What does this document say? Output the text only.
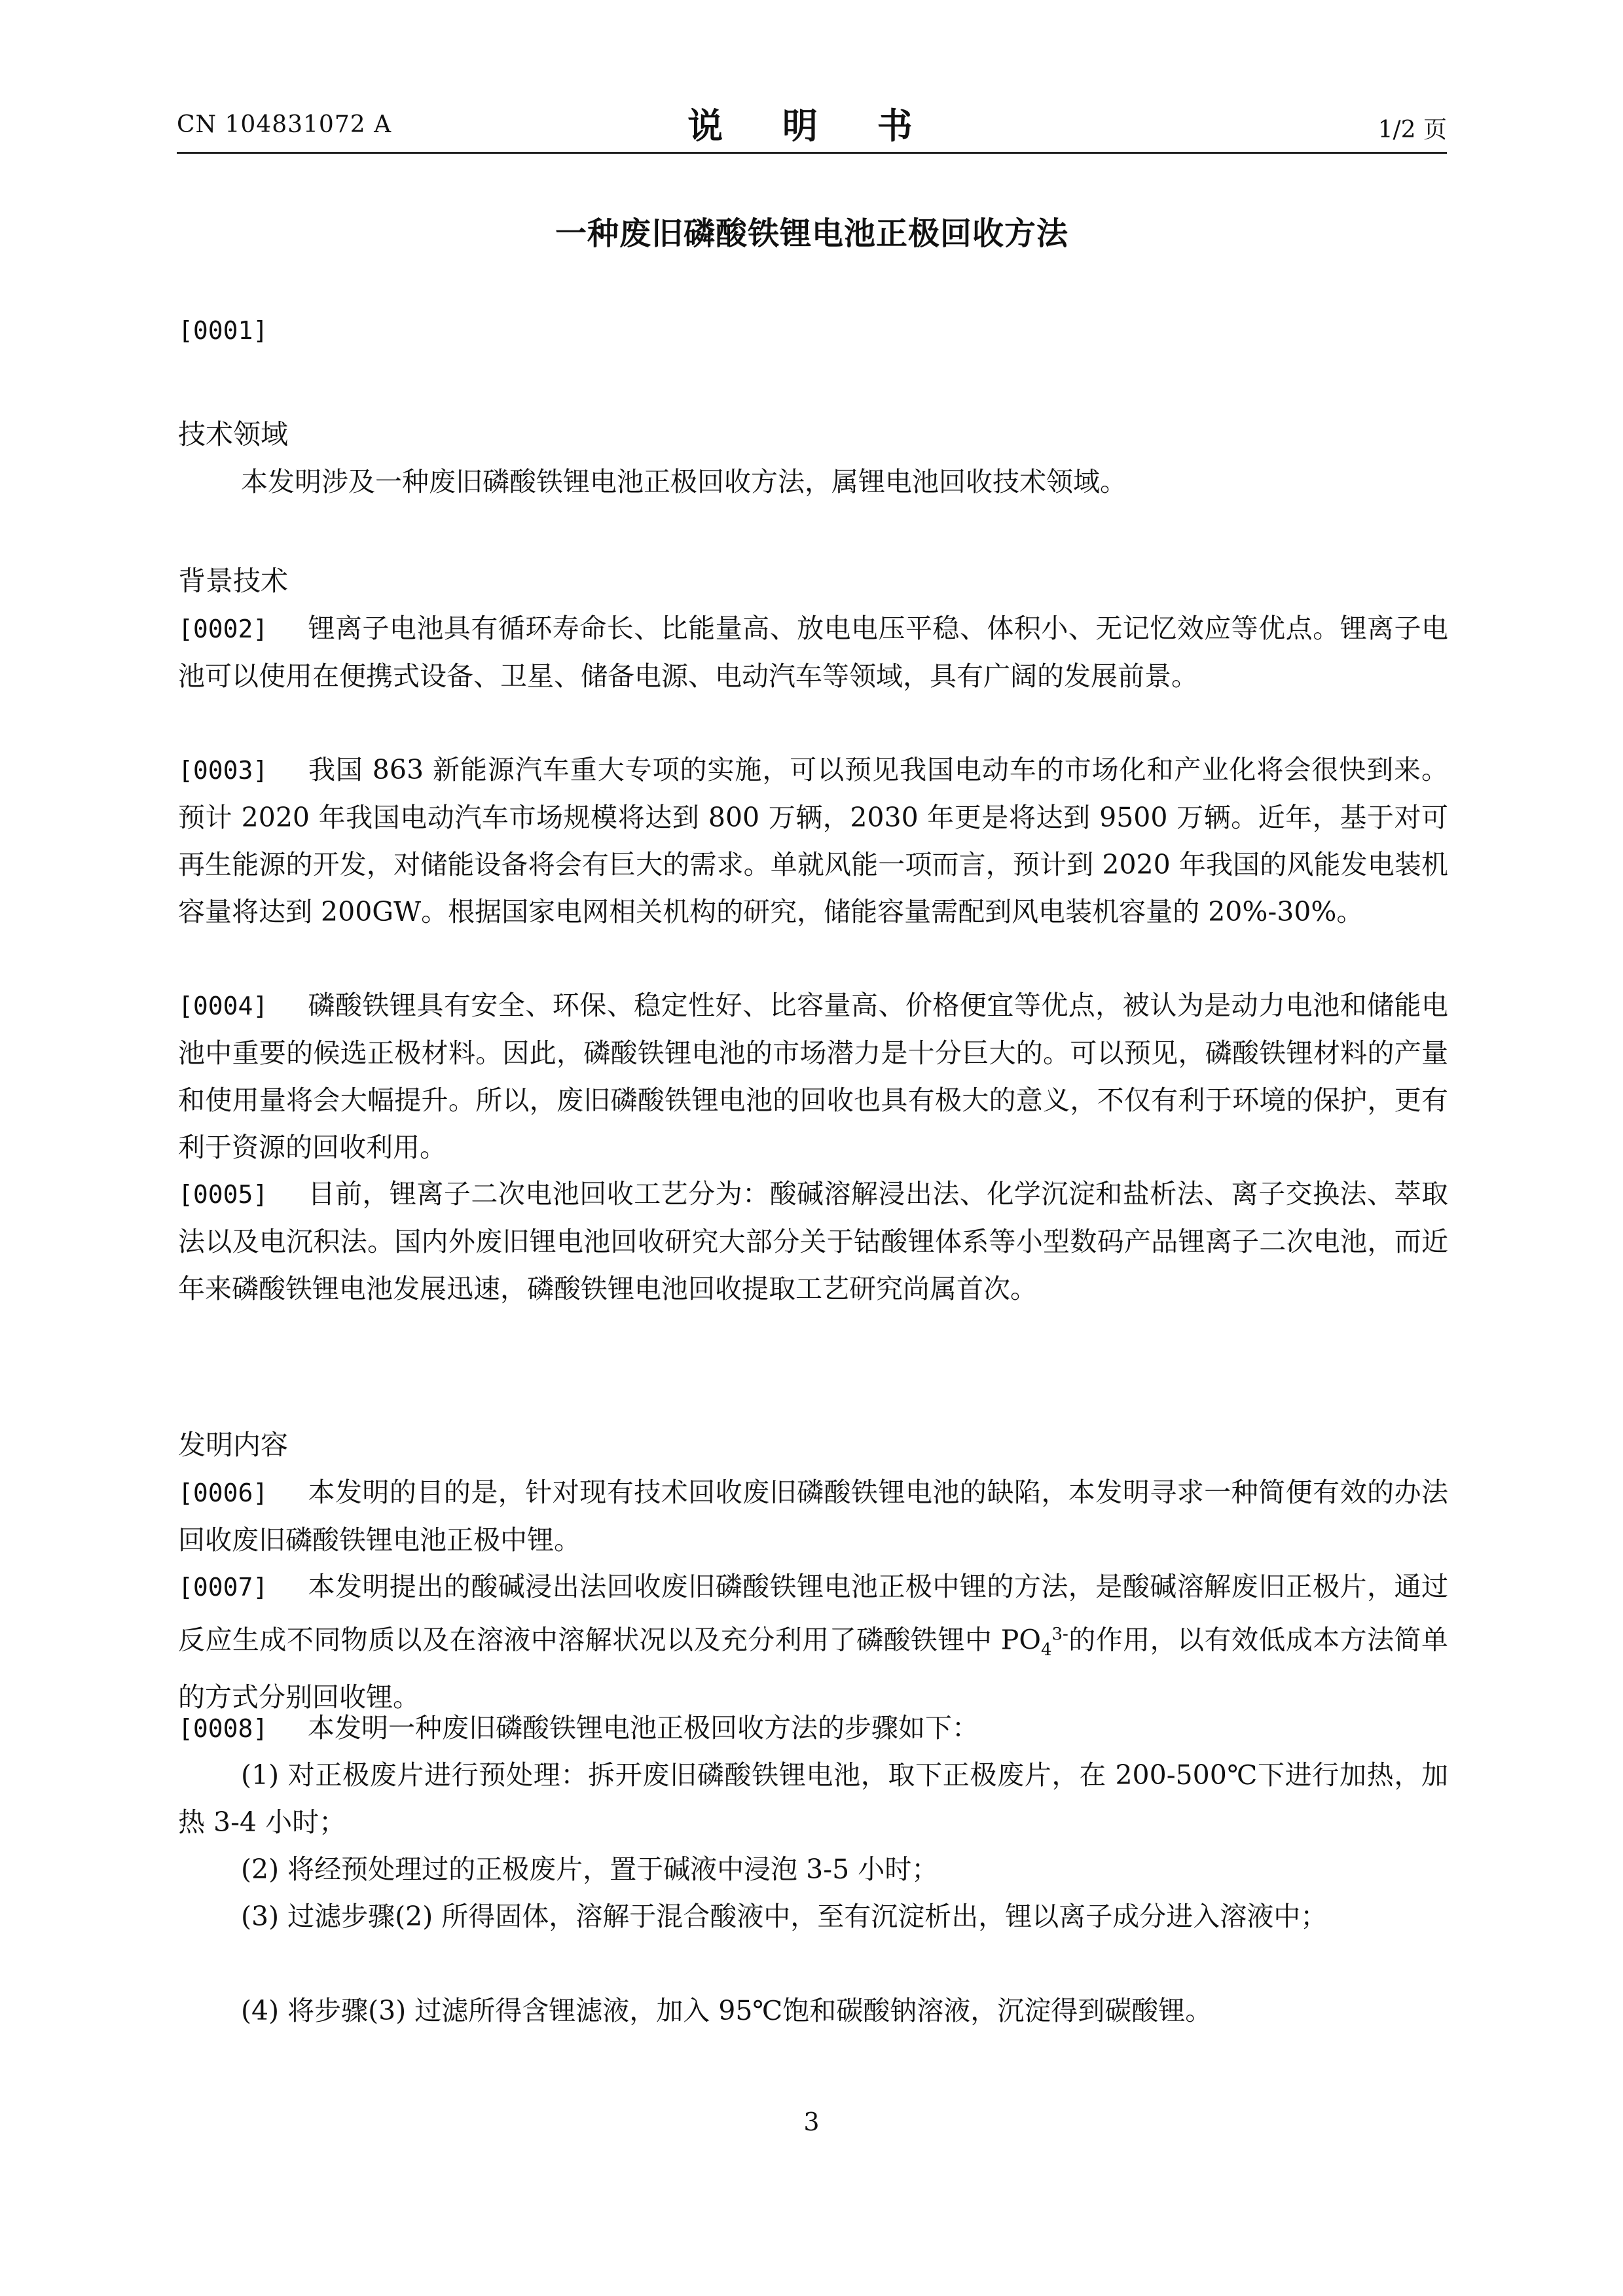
CN 104831072 A	说 明 书	1/2 页
一种废旧磷酸铁锂电池正极回收方法
[0001]
技术领域
本发明涉及一种废旧磷酸铁锂电池正极回收方法，属锂电池回收技术领域。
背景技术
[0002] 锂离子电池具有循环寿命长、比能量高、放电电压平稳、体积小、无记忆效应等优点。锂离子电池可以使用在便携式设备、卫星、储备电源、电动汽车等领域，具有广阔的发展前景。
[0003] 我国 863 新能源汽车重大专项的实施，可以预见我国电动车的市场化和产业化将会很快到来。预计 2020 年我国电动汽车市场规模将达到 800 万辆，2030 年更是将达到 9500 万辆。近年，基于对可再生能源的开发，对储能设备将会有巨大的需求。单就风能一项而言，预计到 2020 年我国的风能发电装机容量将达到 200GW。根据国家电网相关机构的研究，储能容量需配到风电装机容量的 20%-30%。
[0004] 磷酸铁锂具有安全、环保、稳定性好、比容量高、价格便宜等优点，被认为是动力电池和储能电池中重要的候选正极材料。因此，磷酸铁锂电池的市场潜力是十分巨大的。可以预见，磷酸铁锂材料的产量和使用量将会大幅提升。所以，废旧磷酸铁锂电池的回收也具有极大的意义，不仅有利于环境的保护，更有利于资源的回收利用。
[0005] 目前，锂离子二次电池回收工艺分为：酸碱溶解浸出法、化学沉淀和盐析法、离子交换法、萃取法以及电沉积法。国内外废旧锂电池回收研究大部分关于钴酸锂体系等小型数码产品锂离子二次电池，而近年来磷酸铁锂电池发展迅速，磷酸铁锂电池回收提取工艺研究尚属首次。
发明内容
[0006] 本发明的目的是，针对现有技术回收废旧磷酸铁锂电池的缺陷，本发明寻求一种简便有效的办法回收废旧磷酸铁锂电池正极中锂。
[0007] 本发明提出的酸碱浸出法回收废旧磷酸铁锂电池正极中锂的方法，是酸碱溶解废旧正极片，通过反应生成不同物质以及在溶液中溶解状况以及充分利用了磷酸铁锂中 $PO_4^{3-}$的作用，以有效低成本方法简单的方式分别回收锂。
[0008] 本发明一种废旧磷酸铁锂电池正极回收方法的步骤如下：
(1) 对正极废片进行预处理：拆开废旧磷酸铁锂电池，取下正极废片，在 200-500℃下进行加热，加热 3-4 小时；
(2) 将经预处理过的正极废片，置于碱液中浸泡 3-5 小时；
(3) 过滤步骤(2) 所得固体，溶解于混合酸液中，至有沉淀析出，锂以离子成分进入溶液中；
(4) 将步骤(3) 过滤所得含锂滤液，加入 95℃饱和碳酸钠溶液，沉淀得到碳酸锂。
3
